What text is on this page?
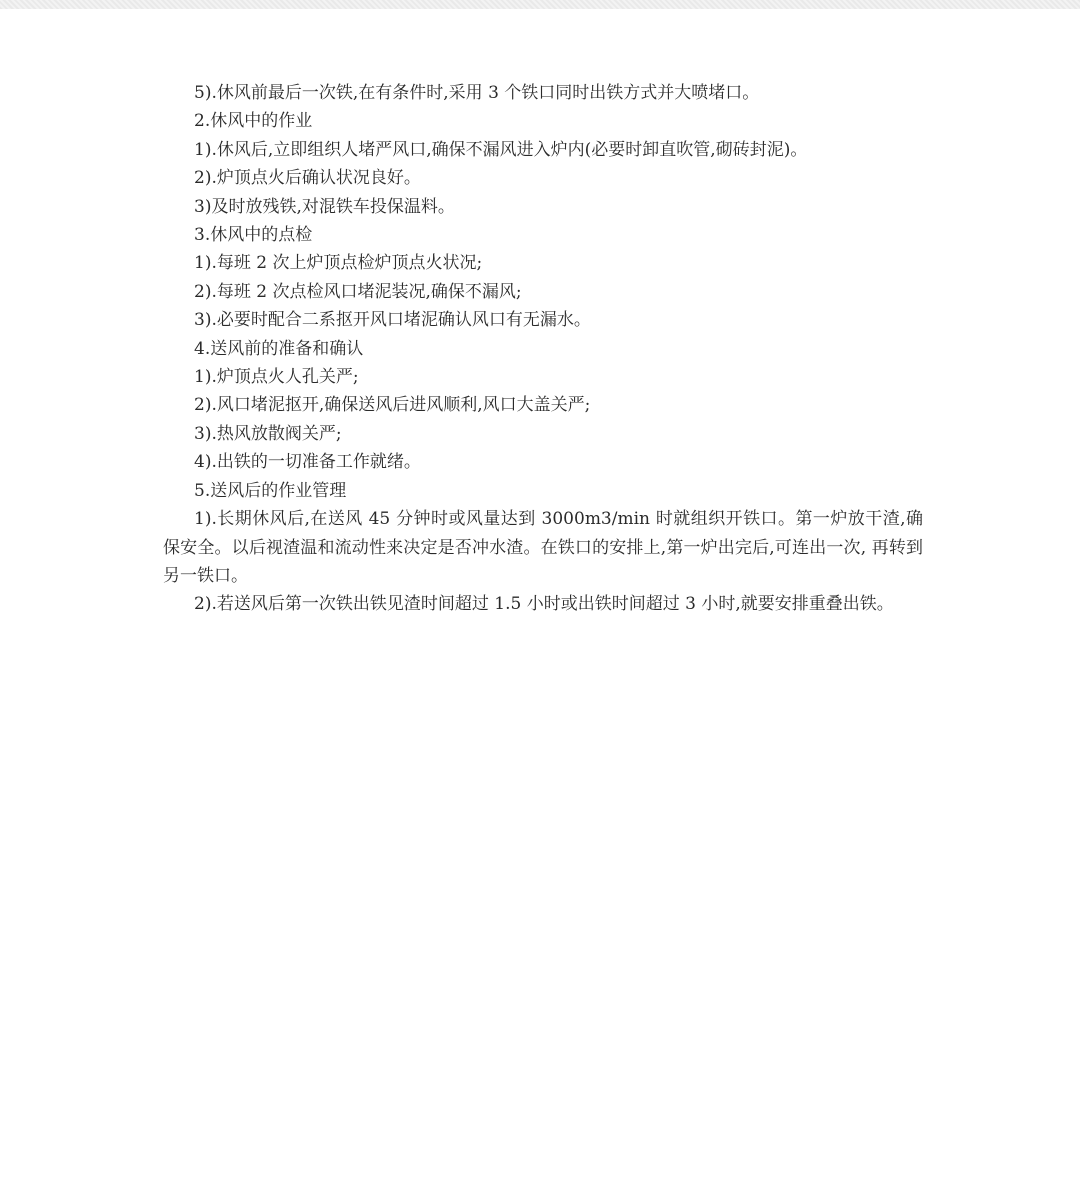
5).休风前最后一次铁,在有条件时,采用 3 个铁口同时出铁方式并大喷堵口。

2.休风中的作业

1).休风后,立即组织人堵严风口,确保不漏风进入炉内(必要时卸直吹管,砌砖封泥)。

2).炉顶点火后确认状况良好。

3)及时放残铁,对混铁车投保温料。

3.休风中的点检

1).每班 2 次上炉顶点检炉顶点火状况;

2).每班 2 次点检风口堵泥装况,确保不漏风;

3).必要时配合二系抠开风口堵泥确认风口有无漏水。

4.送风前的准备和确认

1).炉顶点火人孔关严;

2).风口堵泥抠开,确保送风后进风顺利,风口大盖关严;

3).热风放散阀关严;

4).出铁的一切准备工作就绪。

5.送风后的作业管理

1).长期休风后,在送风 45 分钟时或风量达到 3000m3/min 时就组织开铁口。第一炉放干渣,确保安全。以后视渣温和流动性来决定是否冲水渣。在铁口的安排上,第一炉出完后,可连出一次, 再转到另一铁口。

2).若送风后第一次铁出铁见渣时间超过 1.5 小时或出铁时间超过 3 小时,就要安排重叠出铁。
